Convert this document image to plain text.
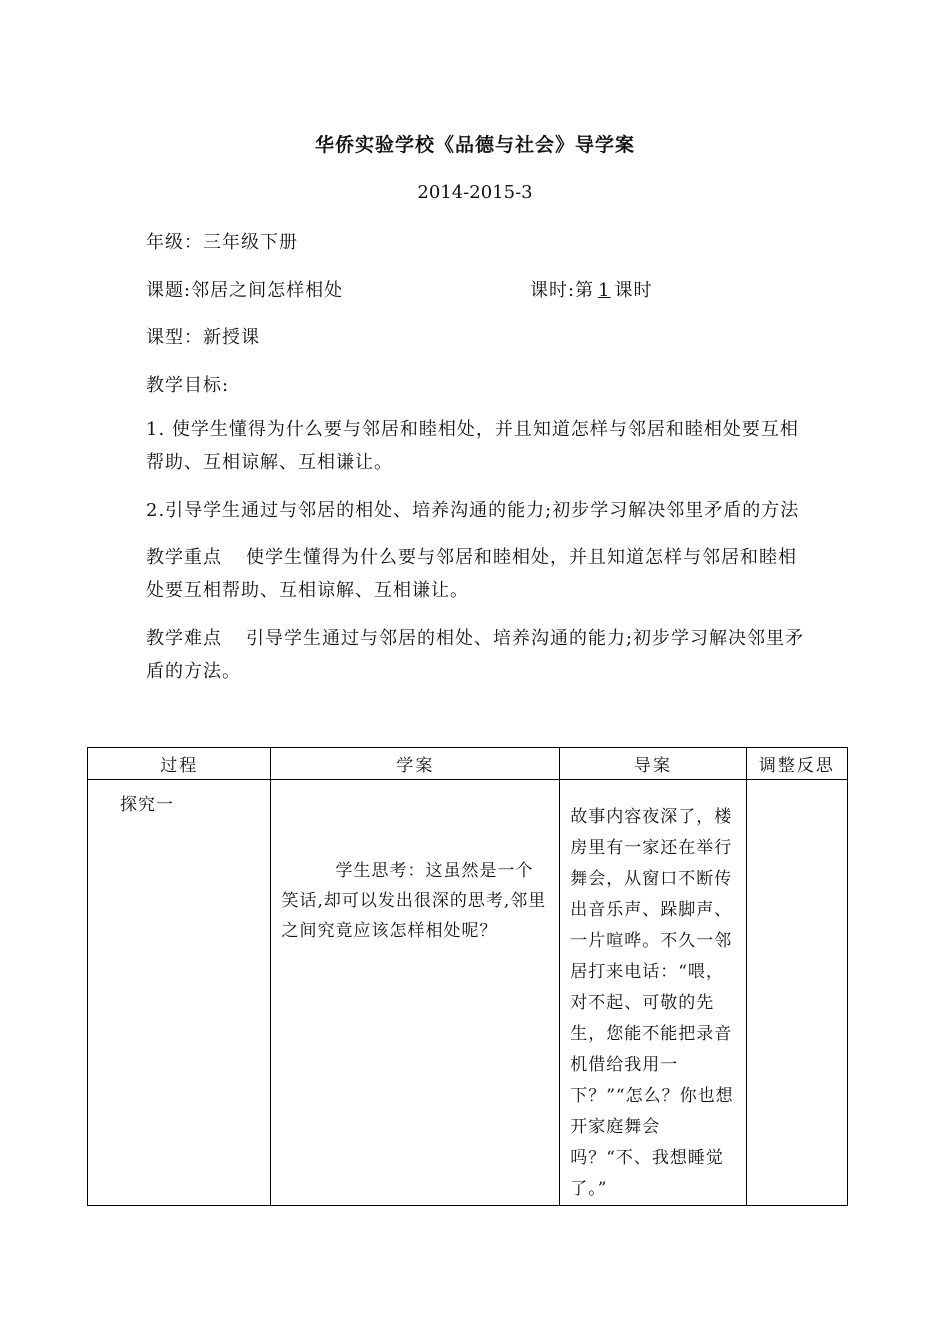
华侨实验学校《品德与社会》导学案
2014-2015-3
年级：三年级下册
课题:邻居之间怎样相处	课时:第 1 课时
课型：新授课
教学目标:
1. 使学生懂得为什么要与邻居和睦相处，并且知道怎样与邻居和睦相处要互相帮助、互相谅解、互相谦让。
2.引导学生通过与邻居的相处、培养沟通的能力;初步学习解决邻里矛盾的方法
教学重点 使学生懂得为什么要与邻居和睦相处，并且知道怎样与邻居和睦相处要互相帮助、互相谅解、互相谦让。
教学难点 引导学生通过与邻居的相处、培养沟通的能力;初步学习解决邻里矛盾的方法。
过程	学案	导案	调整反思
探究一	学生思考：这虽然是一个笑话,却可以发出很深的思考,邻里之间究竟应该怎样相处呢？	故事内容夜深了，楼房里有一家还在举行舞会，从窗口不断传出音乐声、跺脚声、一片喧哗。不久一邻居打来电话：“喂，对不起、可敬的先生，您能不能把录音机借给我用一下？”“怎么？你也想开家庭舞会吗？“不、我想睡觉了。”	
